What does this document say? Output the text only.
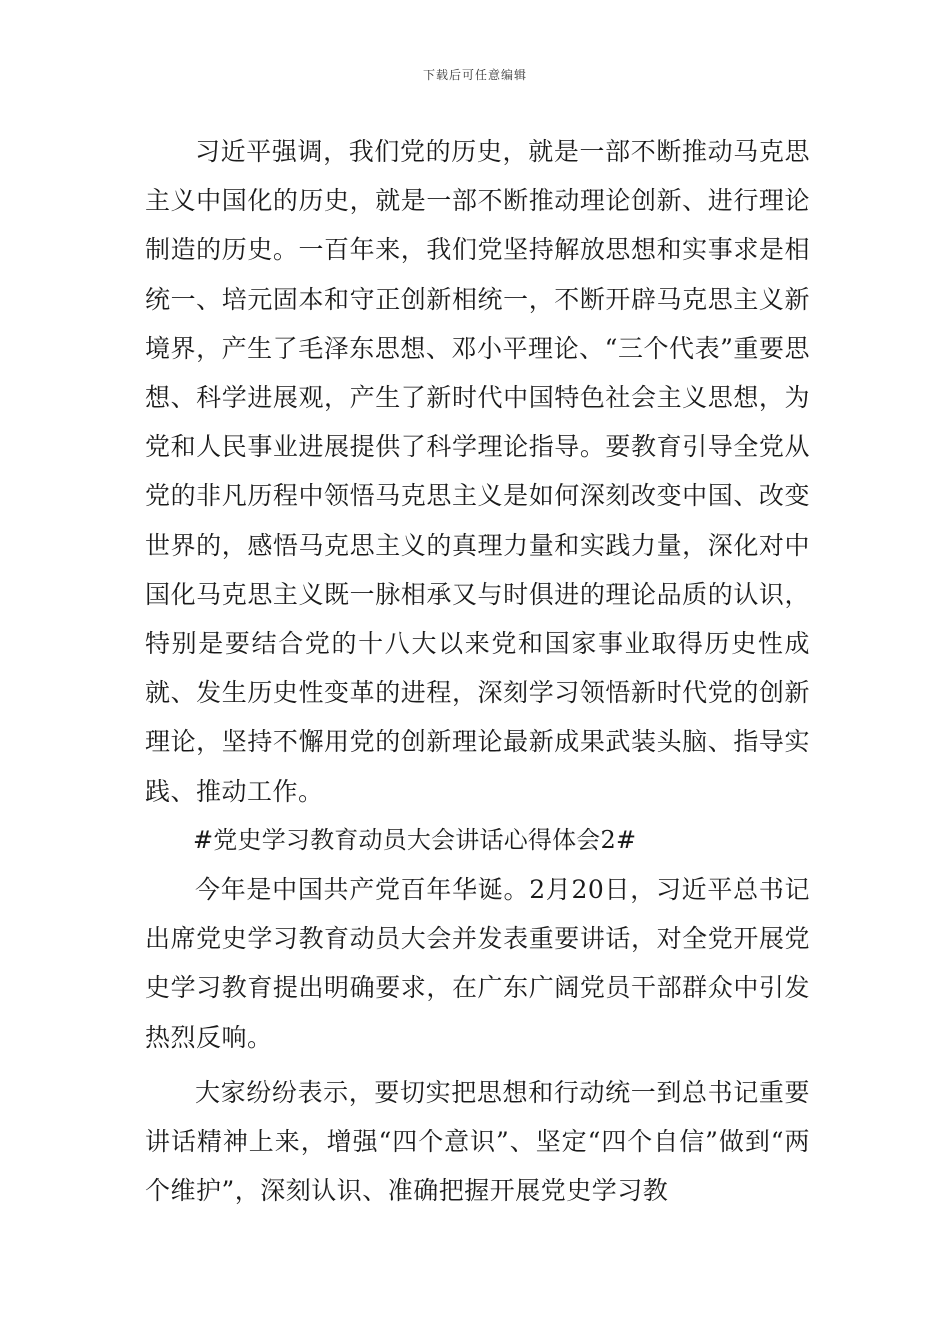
下载后可任意编辑

习近平强调，我们党的历史，就是一部不断推动马克思主义中国化的历史，就是一部不断推动理论创新、进行理论制造的历史。一百年来，我们党坚持解放思想和实事求是相统一、培元固本和守正创新相统一，不断开辟马克思主义新境界，产生了毛泽东思想、邓小平理论、“三个代表”重要思想、科学进展观，产生了新时代中国特色社会主义思想，为党和人民事业进展提供了科学理论指导。要教育引导全党从党的非凡历程中领悟马克思主义是如何深刻改变中国、改变世界的，感悟马克思主义的真理力量和实践力量，深化对中国化马克思主义既一脉相承又与时俱进的理论品质的认识，特别是要结合党的十八大以来党和国家事业取得历史性成就、发生历史性变革的进程，深刻学习领悟新时代党的创新理论，坚持不懈用党的创新理论最新成果武装头脑、指导实践、推动工作。

#党史学习教育动员大会讲话心得体会2#

今年是中国共产党百年华诞。2月20日，习近平总书记出席党史学习教育动员大会并发表重要讲话，对全党开展党史学习教育提出明确要求，在广东广阔党员干部群众中引发热烈反响。

大家纷纷表示，要切实把思想和行动统一到总书记重要讲话精神上来，增强“四个意识”、坚定“四个自信”做到“两个维护”，深刻认识、准确把握开展党史学习教
